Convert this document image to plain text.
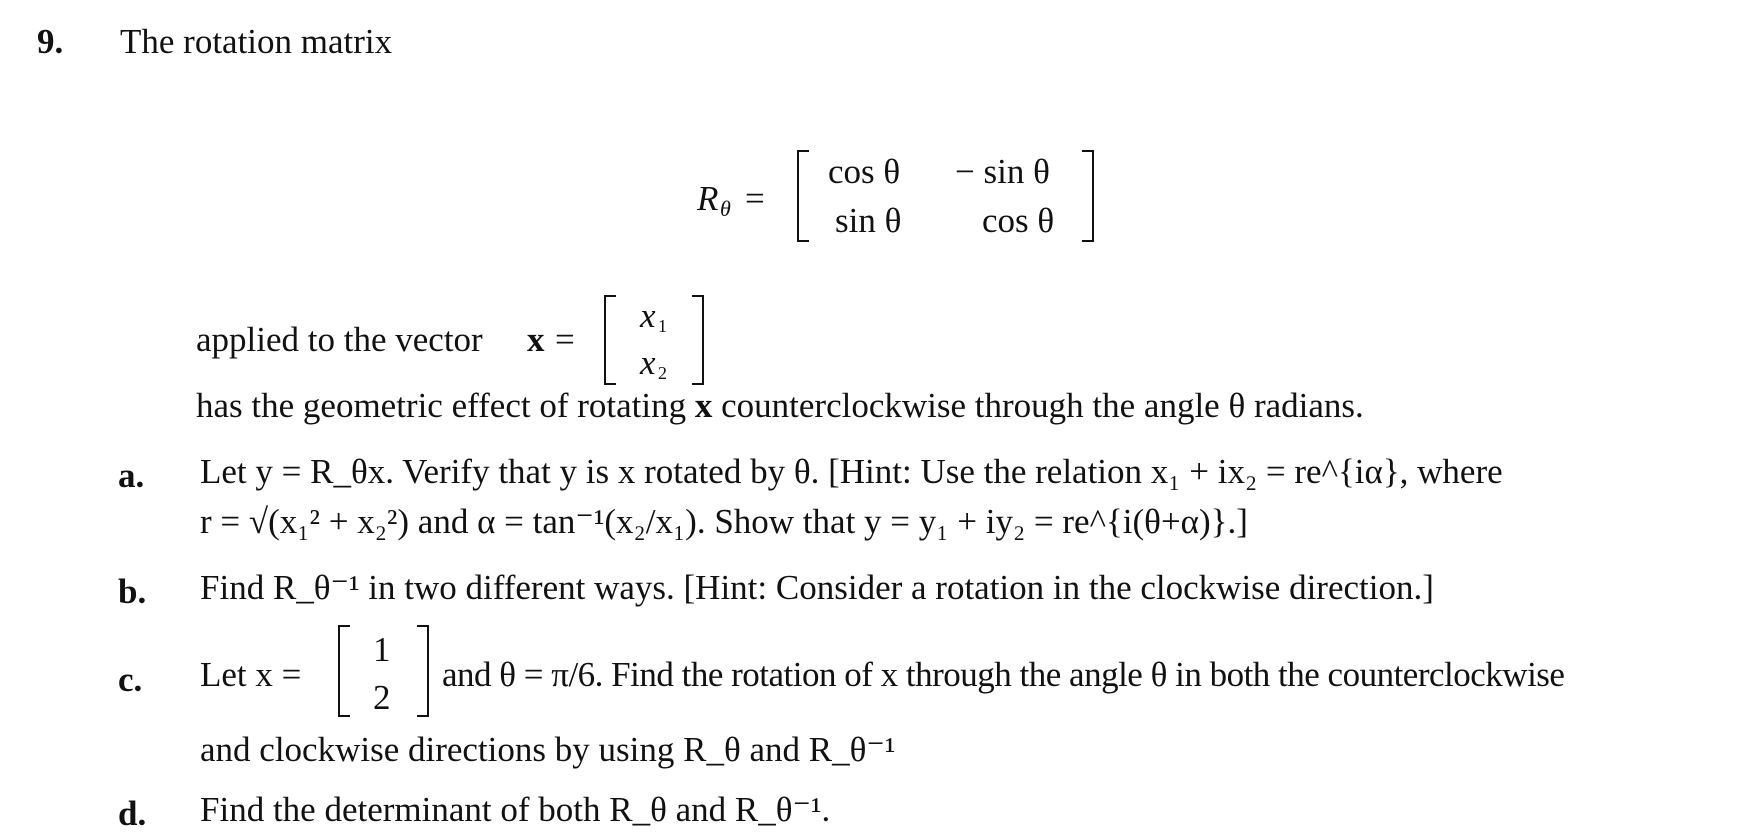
9. The rotation matrix
R θ =
cos θ − sin θ
sin θ cos θ
applied to the vector x =
x 1
x 2
has the geometric effect of rotating x counterclockwise through the angle θ radians.
a. Let y = R_θx. Verify that y is x rotated by θ. [Hint: Use the relation x₁ + ix₂ = re^{iα}, where
r = √(x₁² + x₂²) and α = tan⁻¹(x₂/x₁). Show that y = y₁ + iy₂ = re^{i(θ+α)}.]
b. Find R_θ⁻¹ in two different ways. [Hint: Consider a rotation in the clockwise direction.]
c. Let x =
1
2
and θ = π/6. Find the rotation of x through the angle θ in both the counterclockwise
and clockwise directions by using R_θ and R_θ⁻¹
d. Find the determinant of both R_θ and R_θ⁻¹.
